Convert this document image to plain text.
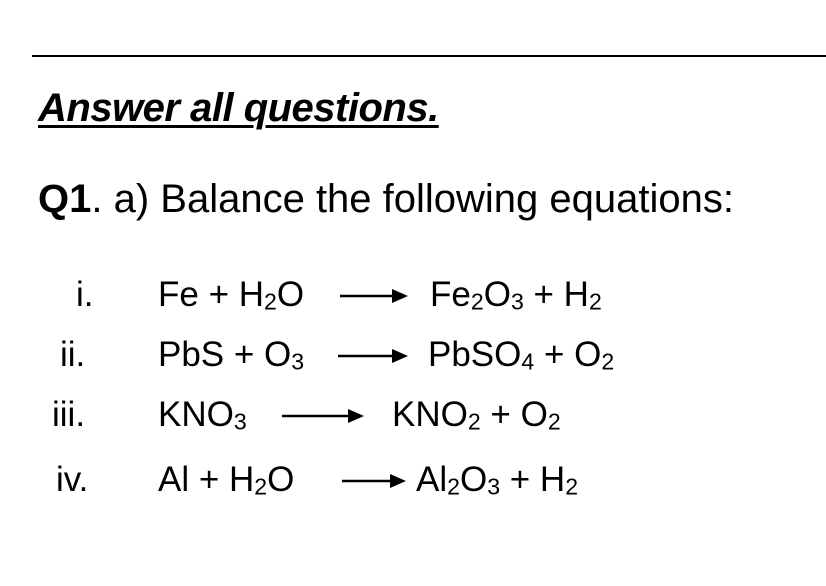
Answer all questions.
Q1. a) Balance the following equations:
i. $Fe + H_2O \to Fe_2O_3 + H_2$
ii. PbS + $O_3$ → PbSO$_4$ + $O_2$
iii. $KNO_3 \to KNO_2 + O_2$
iv. $Al + H_2O \to Al_2O_3 + H_2$
